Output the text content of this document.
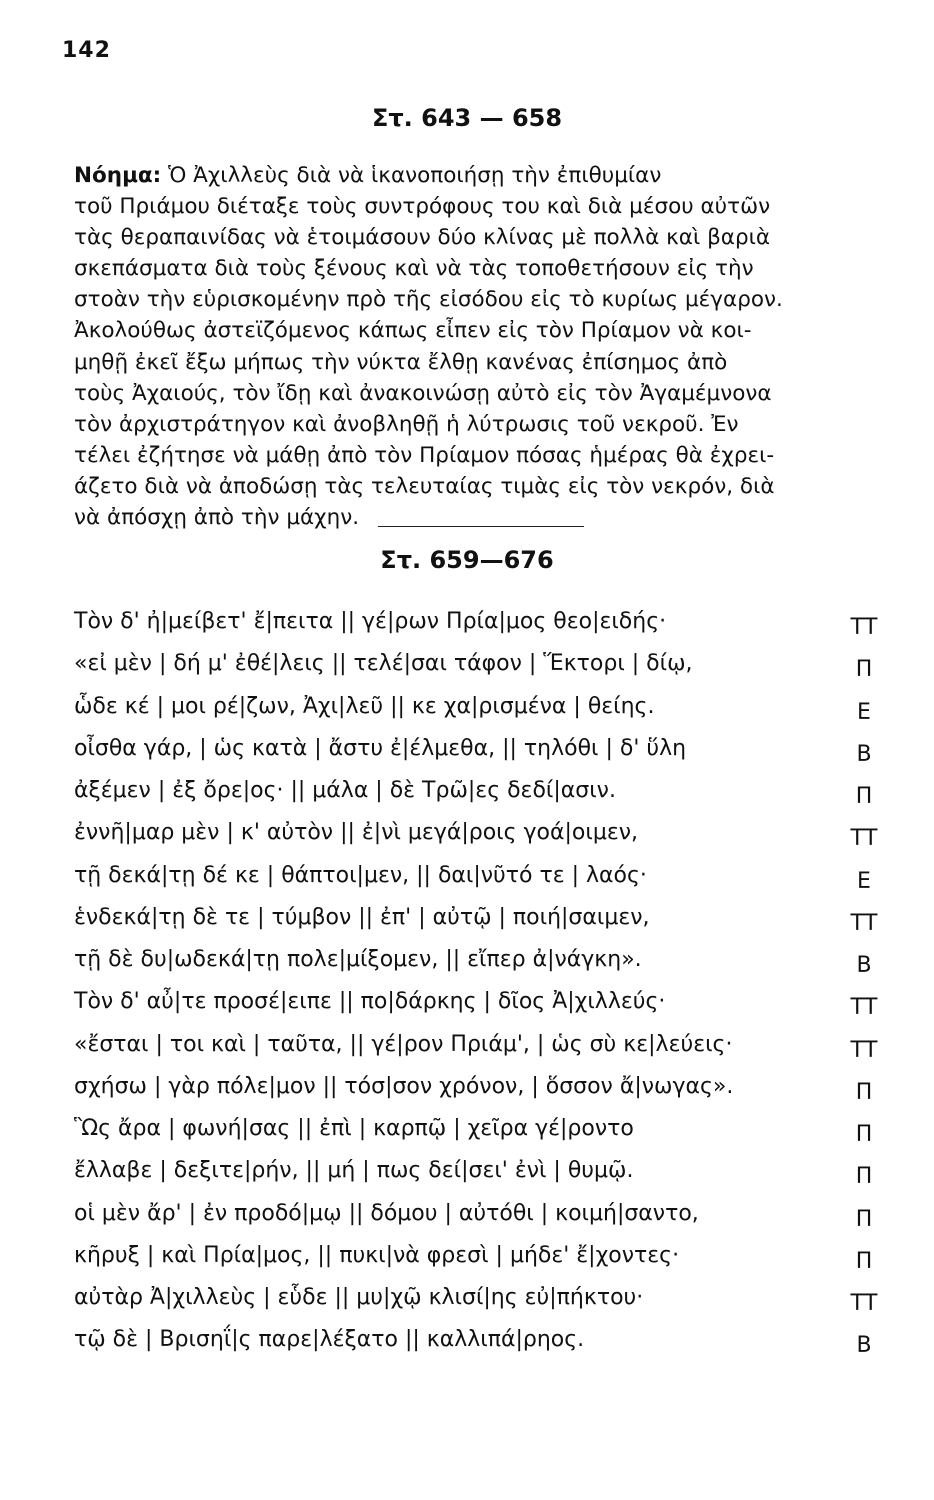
142
Στ. 643 — 658
Νόημα: Ὁ Ἀχιλλεὺς διὰ νὰ ἱκανοποιήσῃ τὴν ἐπιθυμίαν
τοῦ Πριάμου διέταξε τοὺς συντρόφους του καὶ διὰ μέσου αὐτῶν
τὰς θεραπαινίδας νὰ ἑτοιμάσουν δύο κλίνας μὲ πολλὰ καὶ βαριὰ
σκεπάσματα διὰ τοὺς ξένους καὶ νὰ τὰς τοποθετήσουν εἰς τὴν
στοὰν τὴν εὑρισκομένην πρὸ τῆς εἰσόδου εἰς τὸ κυρίως μέγαρον.
Ἀκολούθως ἀστεϊζόμενος κάπως εἶπεν εἰς τὸν Πρίαμον νὰ κοι-
μηθῇ ἐκεῖ ἔξω μήπως τὴν νύκτα ἔλθῃ κανένας ἐπίσημος ἀπὸ
τοὺς Ἀχαιούς, τὸν ἴδῃ καὶ ἀνακοινώσῃ αὐτὸ εἰς τὸν Ἀγαμέμνονα
τὸν ἀρχιστράτηγον καὶ ἀνοβληθῇ ἡ λύτρωσις τοῦ νεκροῦ. Ἐν
τέλει ἐζήτησε νὰ μάθῃ ἀπὸ τὸν Πρίαμον πόσας ἡμέρας θὰ ἐχρει-
άζετο διὰ νὰ ἀποδώσῃ τὰς τελευταίας τιμὰς εἰς τὸν νεκρόν, διὰ
νὰ ἀπόσχῃ ἀπὸ τὴν μάχην.
Στ. 659—676
Τὸν δ' ἠ|μείβετ' ἔ|πειτα || γέ|ρων Πρία|μος θεο|ειδής·	ΤΤ
«εἰ μὲν | δή μ' ἐθέ|λεις || τελέ|σαι τάφον | Ἕκτορι | δίῳ,	Π
ὧδε κέ | μοι ρέ|ζων, Ἀχι|λεῦ || κε χα|ρισμένα | θείης.	Ε
οἶσθα γάρ, | ὡς κατὰ | ἄστυ ἐ|έλμεθα, || τηλόθι | δ' ὕλη	Β
ἀξέμεν | ἐξ ὄρε|ος· || μάλα | δὲ Τρῶ|ες δεδί|ασιν.	Π
ἐννῆ|μαρ μὲν | κ' αὐτὸν || ἐ|νὶ μεγά|ροις γοά|οιμεν,	ΤΤ
τῇ δεκά|τῃ δέ κε | θάπτοι|μεν, || δαι|νῦτό τε | λαός·	Ε
ἑνδεκά|τῃ δὲ τε | τύμβον || ἐπ' | αὐτῷ | ποιή|σαιμεν,	ΤΤ
τῇ δὲ δυ|ωδεκά|τῃ πολε|μίξομεν, || εἴπερ ἀ|νάγκη».	Β
Τὸν δ' αὖ|τε προσέ|ειπε || πο|δάρκης | δῖος Ἀ|χιλλεύς·	ΤΤ
«ἔσται | τοι καὶ | ταῦτα, || γέ|ρον Πριάμ', | ὡς σὺ κε|λεύεις·	ΤΤ
σχήσω | γὰρ πόλε|μον || τόσ|σον χρόνον, | ὅσσον ἄ|νωγας».	Π
Ὣς ἄρα | φωνή|σας || ἐπὶ | καρπῷ | χεῖρα γέ|ροντο	Π
ἔλλαβε | δεξιτε|ρήν, || μή | πως δεί|σει' ἐνὶ | θυμῷ.	Π
οἱ μὲν ἄρ' | ἐν προδό|μῳ || δόμου | αὐτόθι | κοιμή|σαντο,	Π
κῆρυξ | καὶ Πρία|μος, || πυκι|νὰ φρεσὶ | μήδε' ἔ|χοντες·	Π
αὐτὰρ Ἀ|χιλλεὺς | εὗδε || μυ|χῷ κλισί|ης εὐ|πήκτου·	ΤΤ
τῷ δὲ | Βρισηΐ|ς παρε|λέξατο || καλλιπά|ρηος.	Β
